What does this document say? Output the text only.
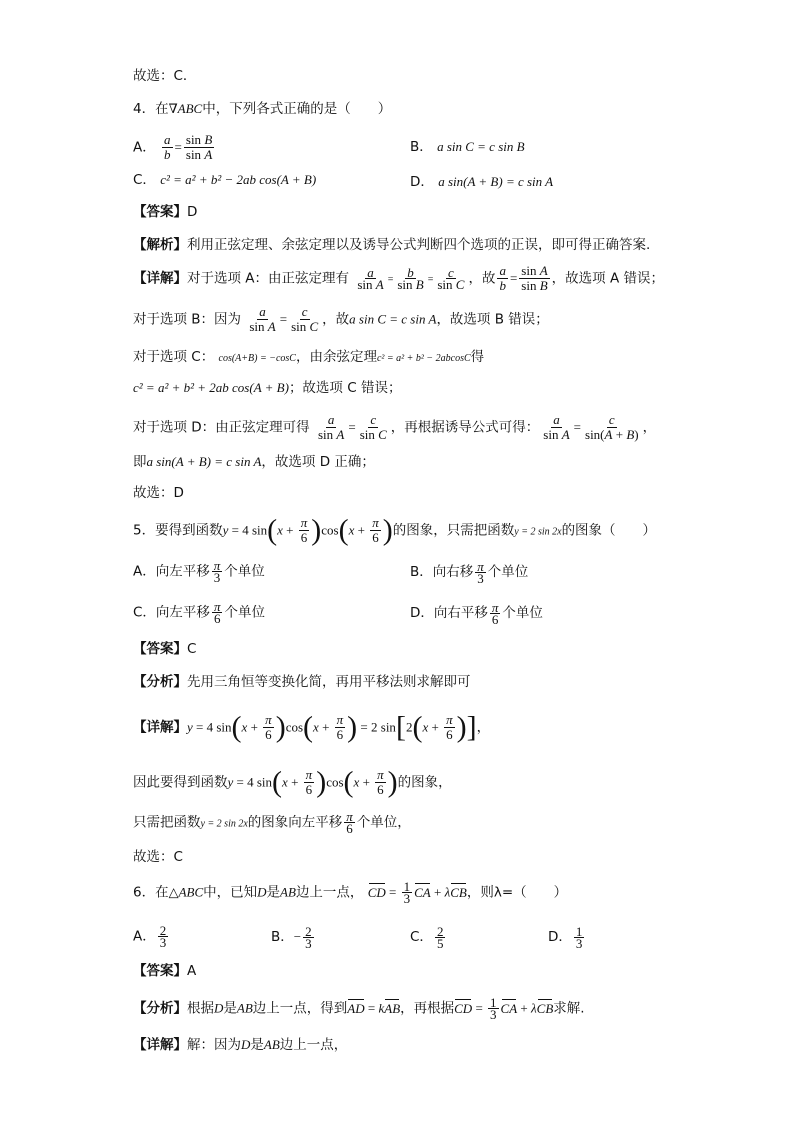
故选：C．
4．在∇ABC中，下列各式正确的是（　　）
A． $\frac{a}{b} = \frac{\text{sin B}}{\text{sin A}}$	B． a sin C = c sin B
C． c² = a² + b² − 2ab cos(A + B)	D． a sin(A + B) = c sin A
【答案】D
【解析】利用正弦定理、余弦定理以及诱导公式判断四个选项的正误，即可得正确答案.
【详解】对于选项 A：由正弦定理有 $\frac{a}{\text{sin A}} = \frac{b}{\text{sin B}} = \frac{c}{\text{sin C}}$ ，故 $\frac{a}{b} = \frac{\text{sin A}}{\text{sin B}}$ ，故选项 A 错误；
对于选项 B：因为 $\frac{a}{\text{sin A}} = \frac{c}{\text{sin C}}$ ，故a sin C = c sin A，故选项 B 错误；
对于选项 C： cos(A+B) = −cosC，由余弦定理c² = a² + b² − 2abcosC得
c² = a² + b² + 2ab cos(A + B)；故选项 C 错误；
对于选项 D：由正弦定理可得 $\frac{a}{\text{sin A}} = \frac{c}{\text{sin C}}$ ，再根据诱导公式可得： $\frac{a}{\text{sin A}} = \frac{c}{\sin(A + B)}$ ，
即a sin(A + B) = c sin A，故选项 D 正确；
故选：D
5．要得到函数y = 4 $\sin(x + \frac{\pi}{6} )\cos(x + \frac{\pi}{6}$ )的图象，只需把函数y = 2 sin 2x的图象（　　）
A．向左平移 $\frac{\pi}{3}$ 个单位	B．向右移 $\frac{\pi}{3}$ 个单位
C．向左平移 $\frac{\pi}{6}$ 个单位	D．向右平移 $\frac{\pi}{6}$ 个单位
【答案】C
【分析】先用三角恒等变换化简，再用平移法则求解即可
【详解】y = 4 $\sin(x + \frac{\pi}{6} )\cos(x + \frac{\pi}{6}$ ) = 2 $\sin[2(x + \frac{\pi}{6}$ )]，
因此要得到函数y = 4 $\sin(x + \frac{\pi}{6} )\cos(x + \frac{\pi}{6}$ )的图象，
只需把函数y = 2 sin 2x的图象向左平移 $\frac{\pi}{6}$ 个单位，
故选：C
6．在△ABC中，已知D是AB边上一点， CD = $\frac{1}{3}$ CA + λCB，则λ=（　　）
A． $\frac{2}{3}$	B．− $\frac{2}{3}$	C． $\frac{2}{5}$	D． $\frac{1}{3}$
【答案】A
【分析】根据D是AB边上一点，得到AD = kAB，再根据CD = $\frac{1}{3}$ CA + λCB求解.
【详解】解：因为D是AB边上一点，
